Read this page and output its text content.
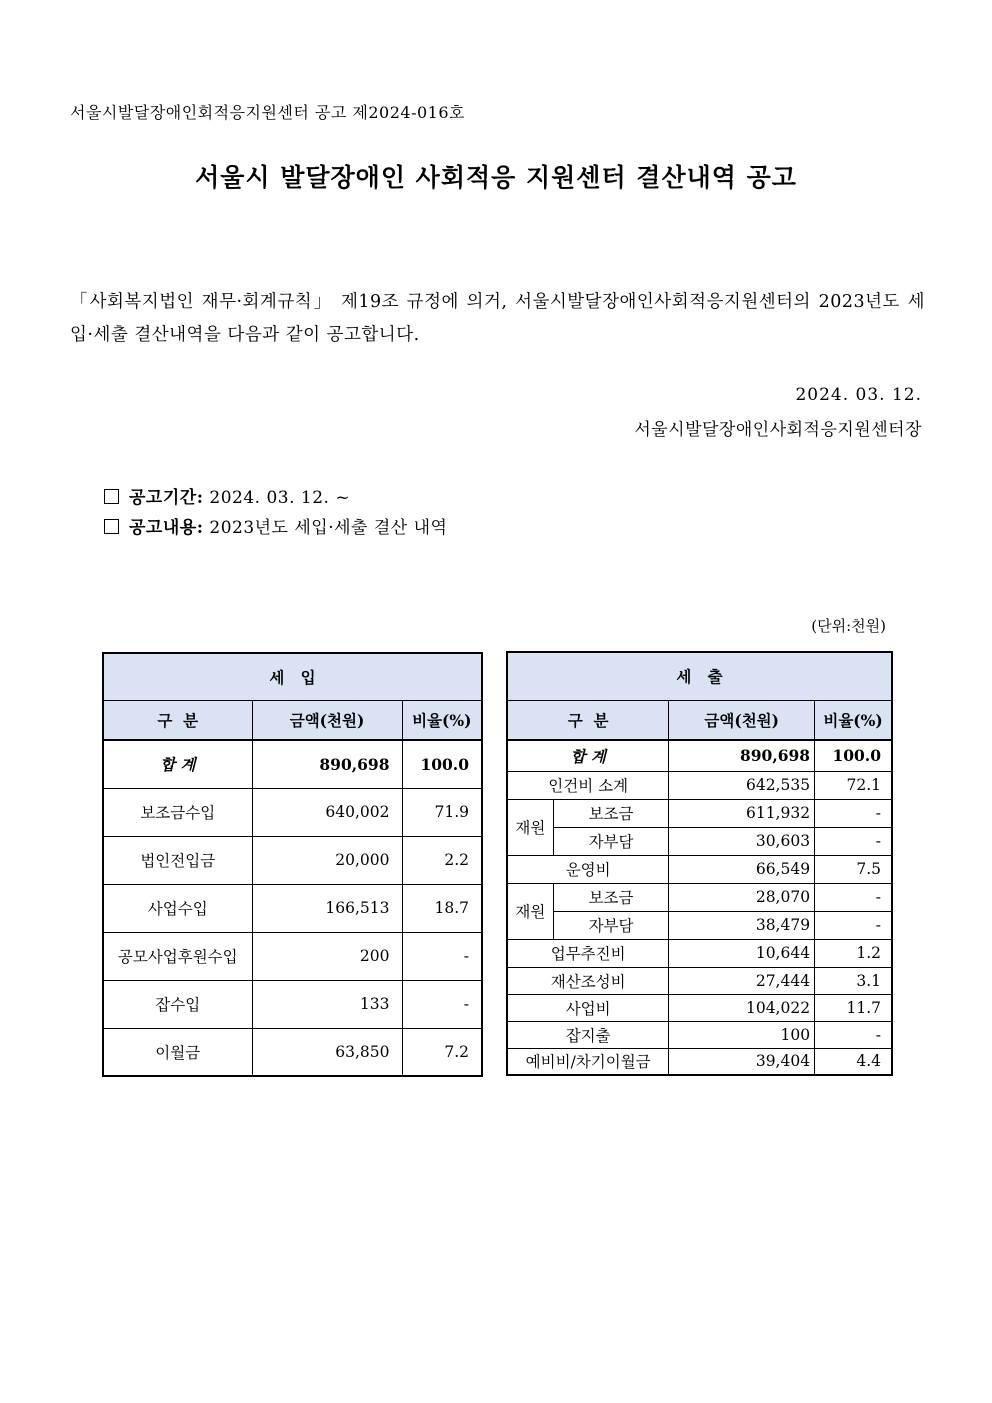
서울시발달장애인회적응지원센터 공고 제2024-016호
서울시 발달장애인 사회적응 지원센터 결산내역 공고
「사회복지법인 재무·회계규칙」 제19조 규정에 의거, 서울시발달장애인사회적응지원센터의 2023년도 세입·세출 결산내역을 다음과 같이 공고합니다.
2024. 03. 12.
서울시발달장애인사회적응지원센터장
공고기간: 2024. 03. 12. ~
공고내용: 2023년도 세입·세출 결산 내역
(단위:천원)
세   입		
구  분	금액(천원)	비율(%)
합 계	890,698	100.0
보조금수입	640,002	71.9
법인전입금	20,000	2.2
사업수입	166,513	18.7
공모사업후원수입	200	-
잡수입	133	-
이월금	63,850	7.2
세   출			
구  분		금액(천원)	비율(%)
합 계		890,698	100.0
인건비 소계		642,535	72.1
재원	보조금	611,932	-
	자부담	30,603	-
운영비		66,549	7.5
재원	보조금	28,070	-
	자부담	38,479	-
업무추진비		10,644	1.2
재산조성비		27,444	3.1
사업비		104,022	11.7
잡지출		100	-
예비비/차기이월금		39,404	4.4
